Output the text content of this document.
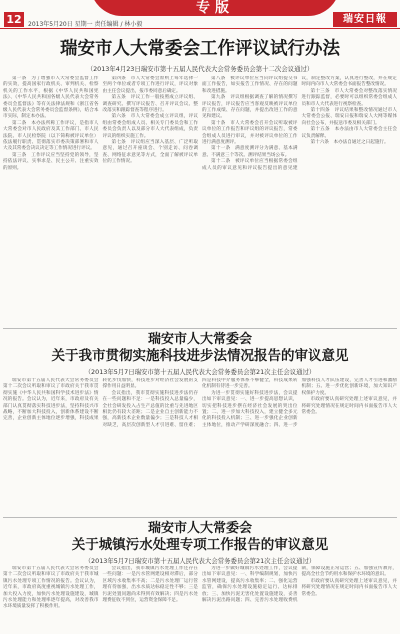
12
专版
2013年5月20日 星期一 责任编辑 / 林小毅	瑞安日報
瑞安市人大常委会工作评议试行办法
（2013年4月23日瑞安市第十五届人民代表大会常务委员会第十二次会议通过）

第一条　为了增强市人大常委会监督工作的实效，提高国家行政机关、审判机关、检察机关的工作水平，根据《中华人民共和国宪法》、《中华人民共和国各级人民代表大会常务委员会监督法》等有关法律法规和《浙江省各级人民代表大会常务委员会监督条例》，结合本市实际，制定本办法。

第二条　本办法所称工作评议，是指市人大常委会对市人民政府及其工作部门、市人民法院、市人民检察院（以下简称被评议单位）依法履行职责、贯彻落实市委决策部署和市人大及其常委会决议决定等工作情况进行评议。

第三条　工作评议应当坚持党的领导，坚持依法评议、实事求是、民主公开、注重实效的原则。

第四条　市人大常委会原则上每年选择一至两个单位或者专项工作进行评议，评议对象由主任会议提出，报市委同意后确定。

第五条　评议工作一般按照成立评议组、调查研究、撰写评议报告、召开评议会议、整改落实和跟踪督查等程序进行。

第六条　市人大常委会成立评议组，评议组由常委会组成人员、相关专门委员会和工作委员会负责人以及部分市人大代表组成，负责评议的组织实施工作。

第七条　评议组应当深入基层、广泛听取意见，通过召开座谈会、个别走访、问卷调查、网络征求意见等方式，全面了解被评议单位的工作情况。

第八条　被评议单位应当向评议组提交书面工作报告，如实报告工作情况、存在的问题和改进措施。

第九条　评议组根据调查了解的情况撰写评议报告，评议报告应当客观反映被评议单位的工作成绩、存在问题，并提出改进工作的意见和建议。

第十条　市人大常委会召开会议听取被评议单位的工作报告和评议组的评议报告，常委会组成人员进行审议，并对被评议单位的工作进行满意度测评。

第十一条　满意度测评分为满意、基本满意、不满意三个等次。测评结果当场公布。

第十二条　被评议单位应当根据常委会组成人员的审议意见和评议报告提出的意见建议，制定整改方案，认真进行整改，并在规定时间内向市人大常委会书面报告整改情况。

第十三条　市人大常委会对整改落实情况进行跟踪监督，必要时可以组织常委会组成人员和市人大代表进行视察检查。

第十四条　评议结果和整改情况通过市人大常委会公报、瑞安日报和瑞安人大网等媒体向社会公布，并报送市委及相关部门。

第十五条　本办法由市人大常委会主任会议负责解释。

第十六条　本办法自通过之日起施行。

瑞安市人大常委会
关于我市贯彻实施科技进步法情况报告的审议意见
（2013年5月7日瑞安市第十五届人民代表大会常务委员会第21次主任会议通过）

瑞安市第十五届人民代表大会常务委员会第十二次会议听取和审议了市政府关于我市贯彻实施《中华人民共和国科学技术进步法》情况的报告。会议认为，近年来，市政府及有关部门认真贯彻落实科技进步法，坚持科技兴市战略，不断加大科技投入，创新体系建设不断完善，企业创新主体地位逐步增强，科技成果转化步伐加快，科技进步对经济社会发展的支撑作用日益明显。

会议指出，我市贯彻实施科技进步法仍存在一些问题和不足：一是科技投入总量偏少，全社会研发投入占生产总值的比重与先进地区相比仍有较大差距；二是企业自主创新能力不强，高新技术企业数量偏少；三是科技人才相对缺乏，高层次创新型人才引进难、留住难；四是科技中介服务体系不够健全，科技成果转化机制有待进一步完善。

为进一步贯彻实施好科技进步法，会议提出如下审议意见：一、进一步提高思想认识，切实把科技进步摆在经济社会发展的突出位置；二、进一步加大科技投入，建立健全多元化的科技投入机制；三、进一步强化企业创新主体地位，推动产学研深度融合；四、进一步加强科技人才队伍建设，完善人才引进和激励机制；五、进一步优化创新环境，加大知识产权保护力度。

市政府要认真研究处理上述审议意见，并将研究处理情况在规定时间内书面报告市人大常委会。

瑞安市人大常委会
关于城镇污水处理专项工作报告的审议意见
（2013年5月7日瑞安市第十五届人民代表大会常务委员会第21次主任会议通过）

瑞安市第十五届人民代表大会常务委员会第十二次会议听取和审议了市政府关于我市城镇污水处理专项工作情况的报告。会议认为，近年来，市政府高度重视城镇污水处理工作，加大投入力度，加快污水处理设施建设，城镇污水处理能力和处理率逐年提高，对改善我市水环境质量发挥了积极作用。

会议指出，我市城镇污水处理工作还存在一些问题：一是污水管网建设相对滞后，部分区域污水收集率不高；二是污水处理厂运行管理有待加强，出水水质达标稳定性不够；三是污泥处置问题尚未得到有效解决；四是污水处理费征收不到位，运营资金保障不足。

为进一步做好城镇污水处理工作，会议提出如下审议意见：一、科学编制规划，加快污水管网建设，提高污水收集率；二、强化运营监管，确保污水处理设施稳定运行、达标排放；三、加快污泥无害化处置设施建设，妥善解决污泥出路问题；四、完善污水处理收费机制，保障设施正常运营；五、加强宣传教育，提高全社会节约用水和保护水环境的意识。

市政府要认真研究处理上述审议意见，并将研究处理情况在规定时间内书面报告市人大常委会。
